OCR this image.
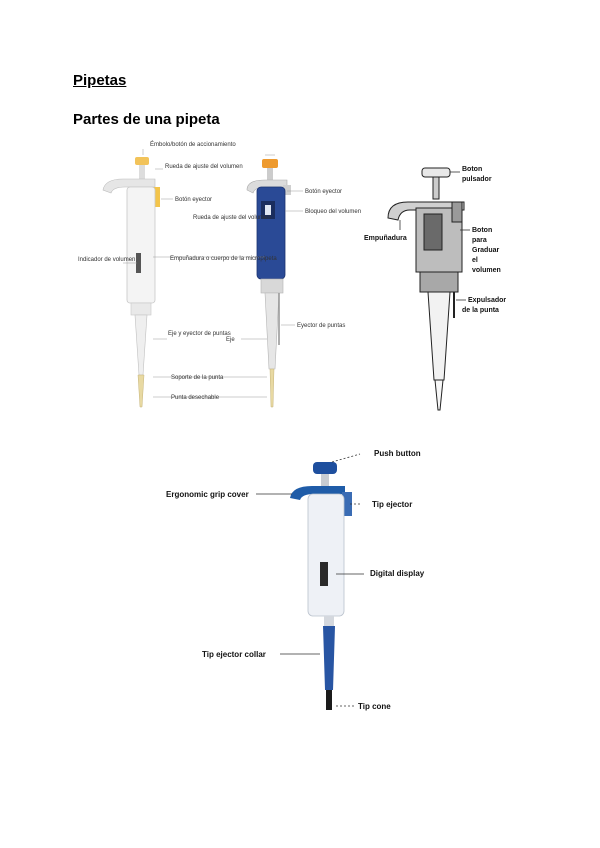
Pipetas
Partes de una pipeta
Émbolo/botón de accionamiento
Rueda de ajuste del volumen
Botón eyector
Rueda de ajuste del volumen
Indicador de volumen	Empuñadura o cuerpo de la micropipeta
Eje y eyector de puntas
Eje
Soporte de la punta
Punta desechable
Botón eyector
Bloqueo del volumen
Eyector de puntas
Boton pulsador
Empuñadura
Boton para Graduar el volumen
Expulsador de la punta
Push button
Ergonomic grip cover
Tip ejector
Digital display
Tip ejector collar
Tip cone
